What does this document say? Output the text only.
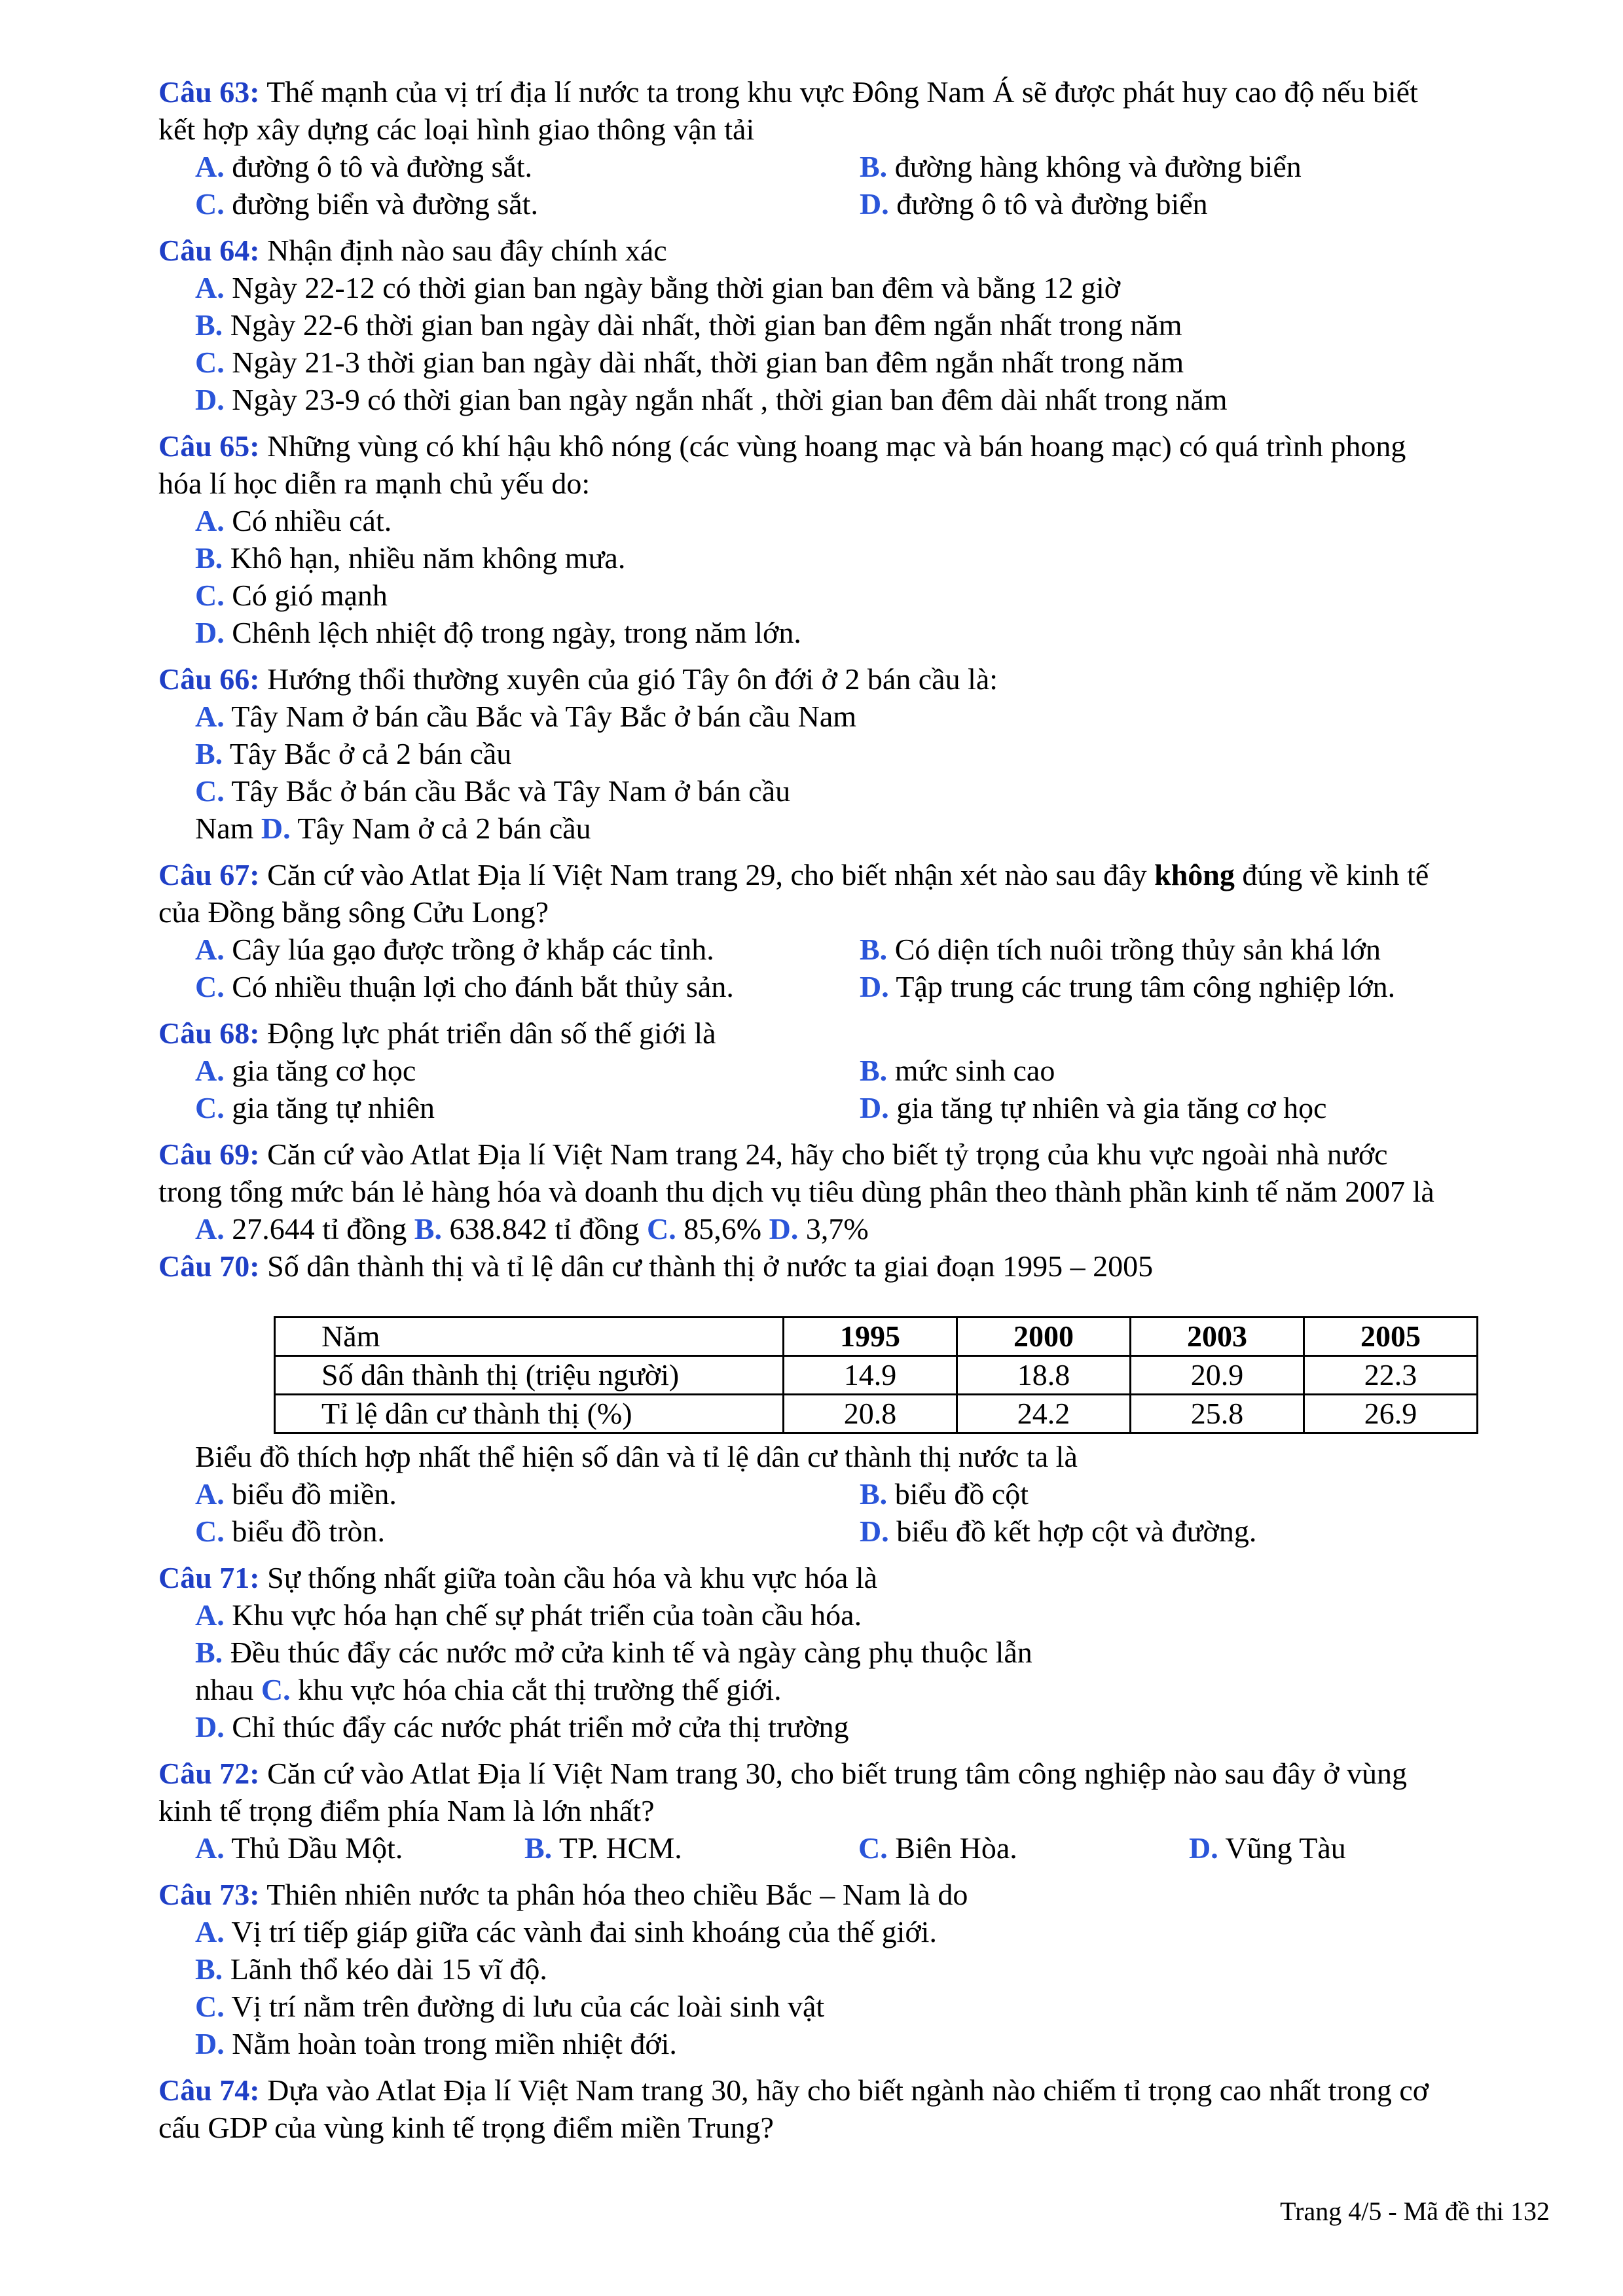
Câu 63: Thế mạnh của vị trí địa lí nước ta trong khu vực Đông Nam Á sẽ được phát huy cao độ nếu biết
kết hợp xây dựng các loại hình giao thông vận tải
A. đường ô tô và đường sắt.	B. đường hàng không và đường biển
C. đường biển và đường sắt.	D. đường ô tô và đường biển
Câu 64: Nhận định nào sau đây chính xác
A. Ngày 22-12 có thời gian ban ngày bằng thời gian ban đêm và bằng 12 giờ
B. Ngày 22-6 thời gian ban ngày dài nhất, thời gian ban đêm ngắn nhất trong năm
C. Ngày 21-3 thời gian ban ngày dài nhất, thời gian ban đêm ngắn nhất trong năm
D. Ngày 23-9 có thời gian ban ngày ngắn nhất , thời gian ban đêm dài nhất trong năm
Câu 65: Những vùng có khí hậu khô nóng (các vùng hoang mạc và bán hoang mạc) có quá trình phong
hóa lí học diễn ra mạnh chủ yếu do:
A. Có nhiều cát.
B. Khô hạn, nhiều năm không mưa.
C. Có gió mạnh
D. Chênh lệch nhiệt độ trong ngày, trong năm lớn.
Câu 66: Hướng thổi thường xuyên của gió Tây ôn đới ở 2 bán cầu là:
A. Tây Nam ở bán cầu Bắc và Tây Bắc ở bán cầu Nam
B. Tây Bắc ở cả 2 bán cầu
C. Tây Bắc ở bán cầu Bắc và Tây Nam ở bán cầu
Nam D. Tây Nam ở cả 2 bán cầu
Câu 67: Căn cứ vào Atlat Địa lí Việt Nam trang 29, cho biết nhận xét nào sau đây không đúng về kinh tế
của Đồng bằng sông Cửu Long?
A. Cây lúa gạo được trồng ở khắp các tỉnh.	B. Có diện tích nuôi trồng thủy sản khá lớn
C. Có nhiều thuận lợi cho đánh bắt thủy sản.	D. Tập trung các trung tâm công nghiệp lớn.
Câu 68: Động lực phát triển dân số thế giới là
A. gia tăng cơ học	B. mức sinh cao
C. gia tăng tự nhiên	D. gia tăng tự nhiên và gia tăng cơ học
Câu 69: Căn cứ vào Atlat Địa lí Việt Nam trang 24, hãy cho biết tỷ trọng của khu vực ngoài nhà nước
trong tổng mức bán lẻ hàng hóa và doanh thu dịch vụ tiêu dùng phân theo thành phần kinh tế năm 2007 là
A. 27.644 tỉ đồng B. 638.842 tỉ đồng C. 85,6% D. 3,7%
Câu 70: Số dân thành thị và tỉ lệ dân cư thành thị ở nước ta giai đoạn 1995 – 2005
Năm	1995	2000	2003	2005
Số dân thành thị (triệu người)	14.9	18.8	20.9	22.3
Tỉ lệ dân cư thành thị (%)	20.8	24.2	25.8	26.9
Biểu đồ thích hợp nhất thể hiện số dân và tỉ lệ dân cư thành thị nước ta là
A. biểu đồ miền.	B. biểu đồ cột
C. biểu đồ tròn.	D. biểu đồ kết hợp cột và đường.
Câu 71: Sự thống nhất giữa toàn cầu hóa và khu vực hóa là
A. Khu vực hóa hạn chế sự phát triển của toàn cầu hóa.
B. Đều thúc đẩy các nước mở cửa kinh tế và ngày càng phụ thuộc lẫn
nhau C. khu vực hóa chia cắt thị trường thế giới.
D. Chỉ thúc đẩy các nước phát triển mở cửa thị trường
Câu 72: Căn cứ vào Atlat Địa lí Việt Nam trang 30, cho biết trung tâm công nghiệp nào sau đây ở vùng
kinh tế trọng điểm phía Nam là lớn nhất?
A. Thủ Dầu Một.	B. TP. HCM.	C. Biên Hòa.	D. Vũng Tàu
Câu 73: Thiên nhiên nước ta phân hóa theo chiều Bắc – Nam là do
A. Vị trí tiếp giáp giữa các vành đai sinh khoáng của thế giới.
B. Lãnh thổ kéo dài 15 vĩ độ.
C. Vị trí nằm trên đường di lưu của các loài sinh vật
D. Nằm hoàn toàn trong miền nhiệt đới.
Câu 74: Dựa vào Atlat Địa lí Việt Nam trang 30, hãy cho biết ngành nào chiếm tỉ trọng cao nhất trong cơ
cấu GDP của vùng kinh tế trọng điểm miền Trung?
Trang 4/5 - Mã đề thi 132
